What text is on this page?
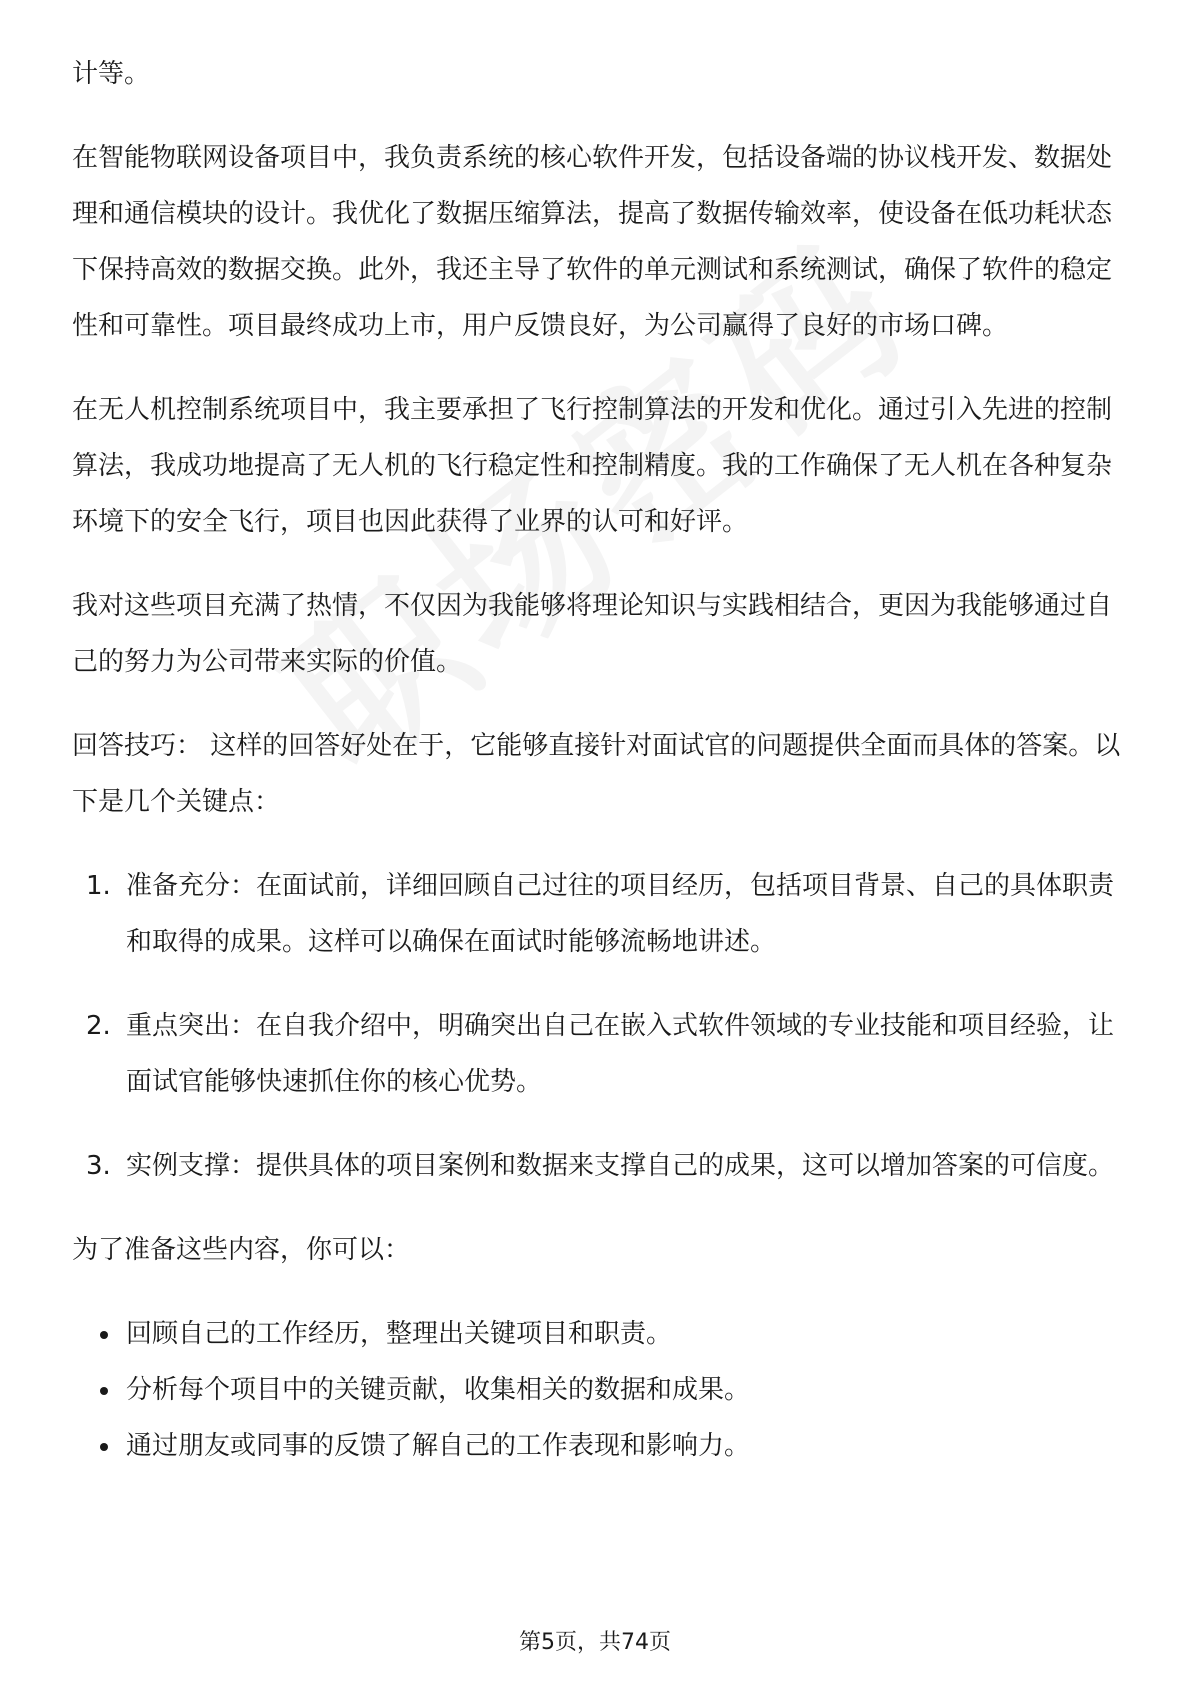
计等。

在智能物联网设备项目中，我负责系统的核心软件开发，包括设备端的协议栈开发、数据处理和通信模块的设计。我优化了数据压缩算法，提高了数据传输效率，使设备在低功耗状态下保持高效的数据交换。此外，我还主导了软件的单元测试和系统测试，确保了软件的稳定性和可靠性。项目最终成功上市，用户反馈良好，为公司赢得了良好的市场口碑。

在无人机控制系统项目中，我主要承担了飞行控制算法的开发和优化。通过引入先进的控制算法，我成功地提高了无人机的飞行稳定性和控制精度。我的工作确保了无人机在各种复杂环境下的安全飞行，项目也因此获得了业界的认可和好评。

我对这些项目充满了热情，不仅因为我能够将理论知识与实践相结合，更因为我能够通过自己的努力为公司带来实际的价值。

回答技巧： 这样的回答好处在于，它能够直接针对面试官的问题提供全面而具体的答案。以下是几个关键点：

1. 准备充分：在面试前，详细回顾自己过往的项目经历，包括项目背景、自己的具体职责和取得的成果。这样可以确保在面试时能够流畅地讲述。
2. 重点突出：在自我介绍中，明确突出自己在嵌入式软件领域的专业技能和项目经验，让面试官能够快速抓住你的核心优势。
3. 实例支撑：提供具体的项目案例和数据来支撑自己的成果，这可以增加答案的可信度。

为了准备这些内容，你可以：

回顾自己的工作经历，整理出关键项目和职责。
分析每个项目中的关键贡献，收集相关的数据和成果。
通过朋友或同事的反馈了解自己的工作表现和影响力。
第5页，共74页
